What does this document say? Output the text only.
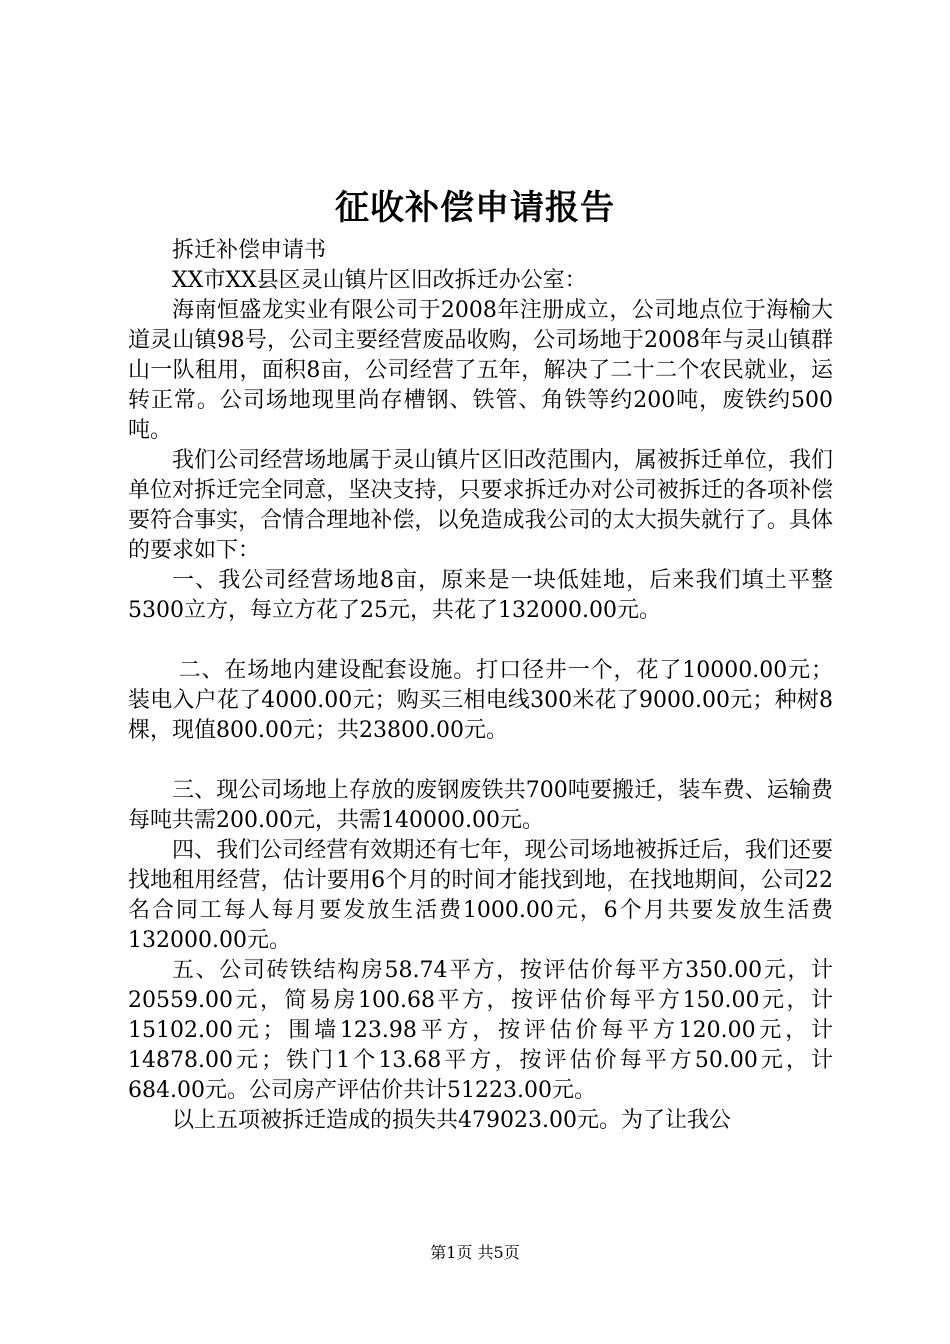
征收补偿申请报告

拆迁补偿申请书

XX市XX县区灵山镇片区旧改拆迁办公室：

海南恒盛龙实业有限公司于2008年注册成立，公司地点位于海榆大道灵山镇98号，公司主要经营废品收购，公司场地于2008年与灵山镇群山一队租用，面积8亩，公司经营了五年，解决了二十二个农民就业，运转正常。公司场地现里尚存槽钢、铁管、角铁等约200吨，废铁约500吨。

我们公司经营场地属于灵山镇片区旧改范围内，属被拆迁单位，我们单位对拆迁完全同意，坚决支持，只要求拆迁办对公司被拆迁的各项补偿要符合事实，合情合理地补偿，以免造成我公司的太大损失就行了。具体的要求如下：

一、我公司经营场地8亩，原来是一块低娃地，后来我们填土平整5300立方，每立方花了25元，共花了132000.00元。

二、在场地内建设配套设施。打口径井一个，花了10000.00元；装电入户花了4000.00元；购买三相电线300米花了9000.00元；种树8棵，现值800.00元；共23800.00元。

三、现公司场地上存放的废钢废铁共700吨要搬迁，装车费、运输费每吨共需200.00元，共需140000.00元。

四、我们公司经营有效期还有七年，现公司场地被拆迁后，我们还要找地租用经营，估计要用6个月的时间才能找到地，在找地期间，公司22名合同工每人每月要发放生活费1000.00元，6个月共要发放生活费132000.00元。

五、公司砖铁结构房58.74平方，按评估价每平方350.00元，计20559.00元，简易房100.68平方，按评估价每平方150.00元，计15102.00元；围墙123.98平方，按评估价每平方120.00元，计14878.00元；铁门1个13.68平方，按评估价每平方50.00元，计684.00元。公司房产评估价共计51223.00元。

以上五项被拆迁造成的损失共479023.00元。为了让我公

第1页 共5页
